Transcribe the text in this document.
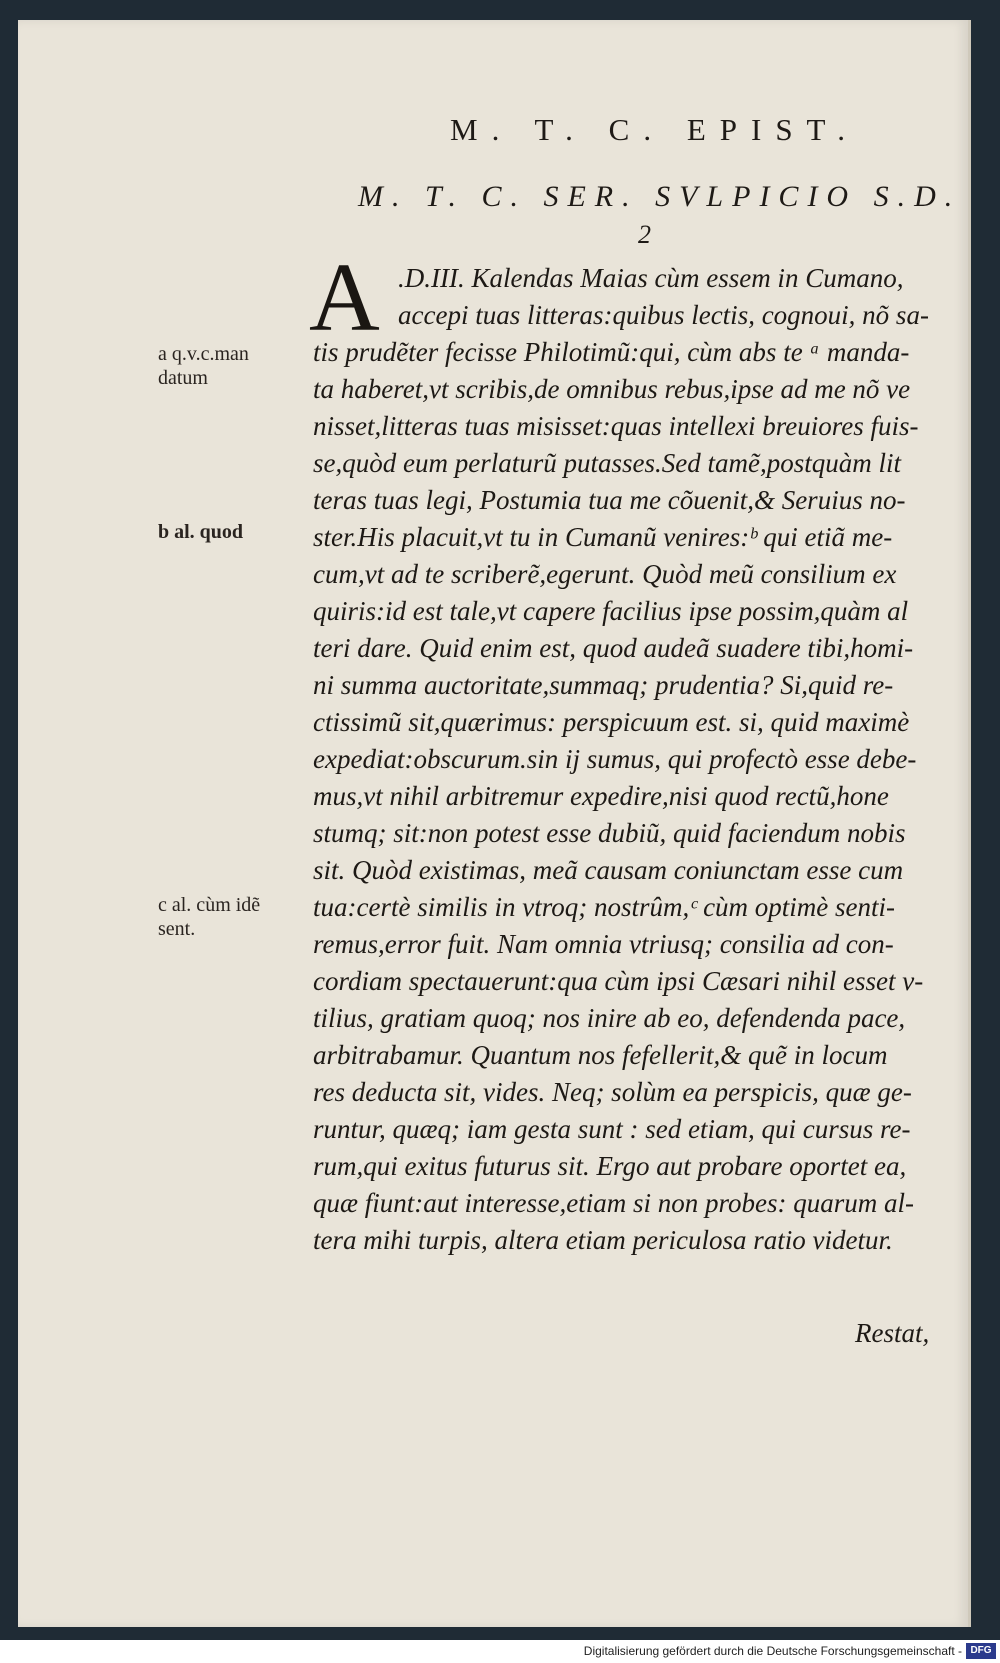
M. T. C. EPIST.
M. T. C. SER. SVLPICIO S.D.
2
A .D.III. Kalendas Maias cùm essem in Cumano,
accepi tuas litteras:quibus lectis, cognoui, nõ sa-
tis prudẽter fecisse Philotimũ:qui, cùm abs te ᵃ manda-
ta haberet,vt scribis,de omnibus rebus,ipse ad me nõ ve
nisset,litteras tuas misisset:quas intellexi breuiores fuis-
se,quòd eum perlaturũ putasses.Sed tamẽ,postquàm lit
teras tuas legi, Postumia tua me cõuenit,& Seruius no-
ster.His placuit,vt tu in Cumanũ venires:ᵇ qui etiã me-
cum,vt ad te scriberẽ,egerunt. Quòd meũ consilium ex
quiris:id est tale,vt capere facilius ipse possim,quàm al
teri dare. Quid enim est, quod audeã suadere tibi,homi-
ni summa auctoritate,summaq; prudentia? Si,quid re-
ctissimũ sit,quærimus: perspicuum est. si, quid maximè
expediat:obscurum.sin ij sumus, qui profectò esse debe-
mus,vt nihil arbitremur expedire,nisi quod rectũ,hone
stumq; sit:non potest esse dubiũ, quid faciendum nobis
sit. Quòd existimas, meã causam coniunctam esse cum
tua:certè similis in vtroq; nostrûm,ᶜ cùm optimè senti-
remus,error fuit. Nam omnia vtriusq; consilia ad con-
cordiam spectauerunt:qua cùm ipsi Cæsari nihil esset v-
tilius, gratiam quoq; nos inire ab eo, defendenda pace,
arbitrabamur. Quantum nos fefellerit,& quẽ in locum
res deducta sit, vides. Neq; solùm ea perspicis, quæ ge-
runtur, quæq; iam gesta sunt : sed etiam, qui cursus re-
rum,qui exitus futurus sit. Ergo aut probare oportet ea,
quæ fiunt:aut interesse,etiam si non probes: quarum al-
tera mihi turpis, altera etiam periculosa ratio videtur.
Restat,
a q.v.c.man
datum
b al. quod
c al. cùm idẽ
sent.
Digitalisierung gefördert durch die Deutsche Forschungsgemeinschaft - DFG
